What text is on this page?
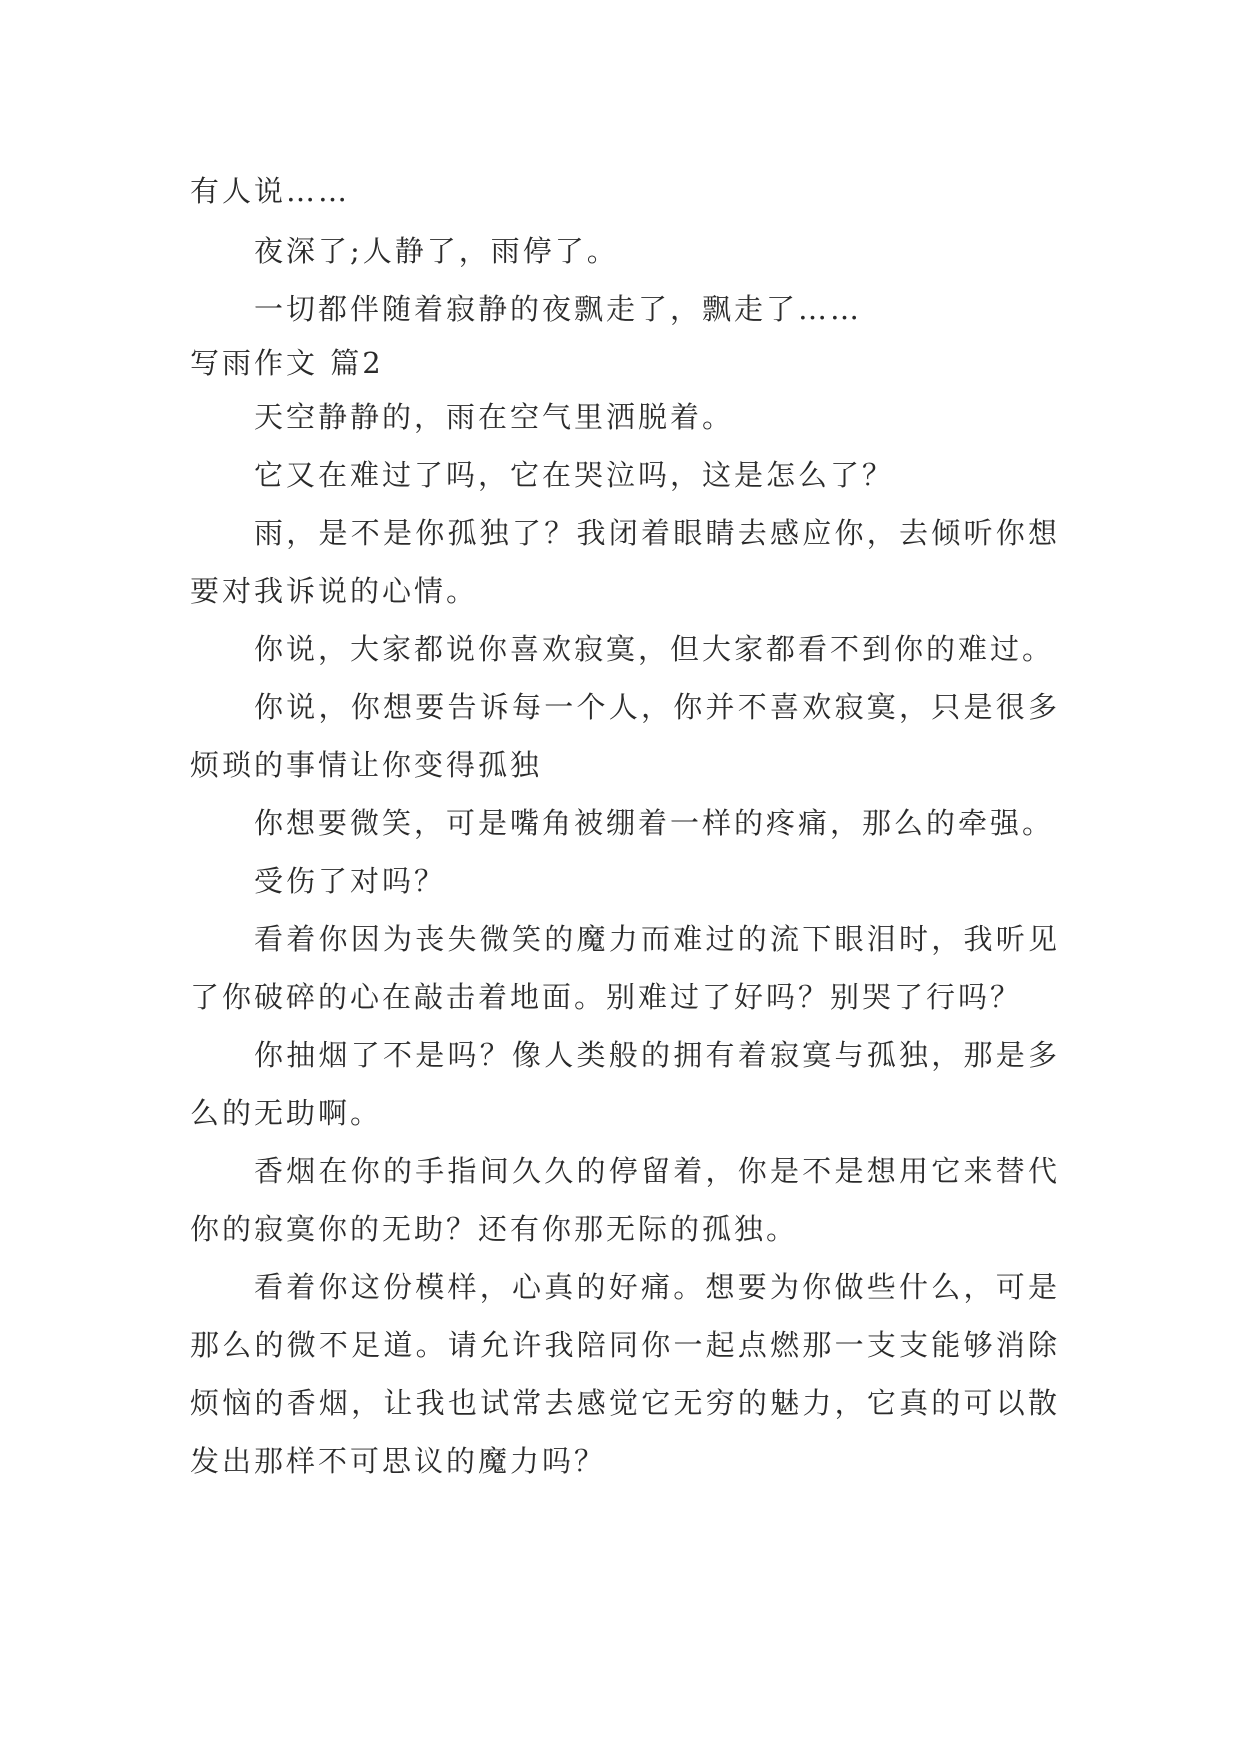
有人说……

夜深了;人静了，雨停了。

一切都伴随着寂静的夜飘走了，飘走了……

写雨作文 篇2

天空静静的，雨在空气里洒脱着。

它又在难过了吗，它在哭泣吗，这是怎么了？

雨，是不是你孤独了？我闭着眼睛去感应你，去倾听你想要对我诉说的心情。

你说，大家都说你喜欢寂寞，但大家都看不到你的难过。

你说，你想要告诉每一个人，你并不喜欢寂寞，只是很多烦琐的事情让你变得孤独

你想要微笑，可是嘴角被绷着一样的疼痛，那么的牵强。

受伤了对吗？

看着你因为丧失微笑的魔力而难过的流下眼泪时，我听见了你破碎的心在敲击着地面。别难过了好吗？别哭了行吗？

你抽烟了不是吗？像人类般的拥有着寂寞与孤独，那是多么的无助啊。

香烟在你的手指间久久的停留着，你是不是想用它来替代你的寂寞你的无助？还有你那无际的孤独。

看着你这份模样，心真的好痛。想要为你做些什么，可是那么的微不足道。请允许我陪同你一起点燃那一支支能够消除烦恼的香烟，让我也试常去感觉它无穷的魅力，它真的可以散发出那样不可思议的魔力吗？
